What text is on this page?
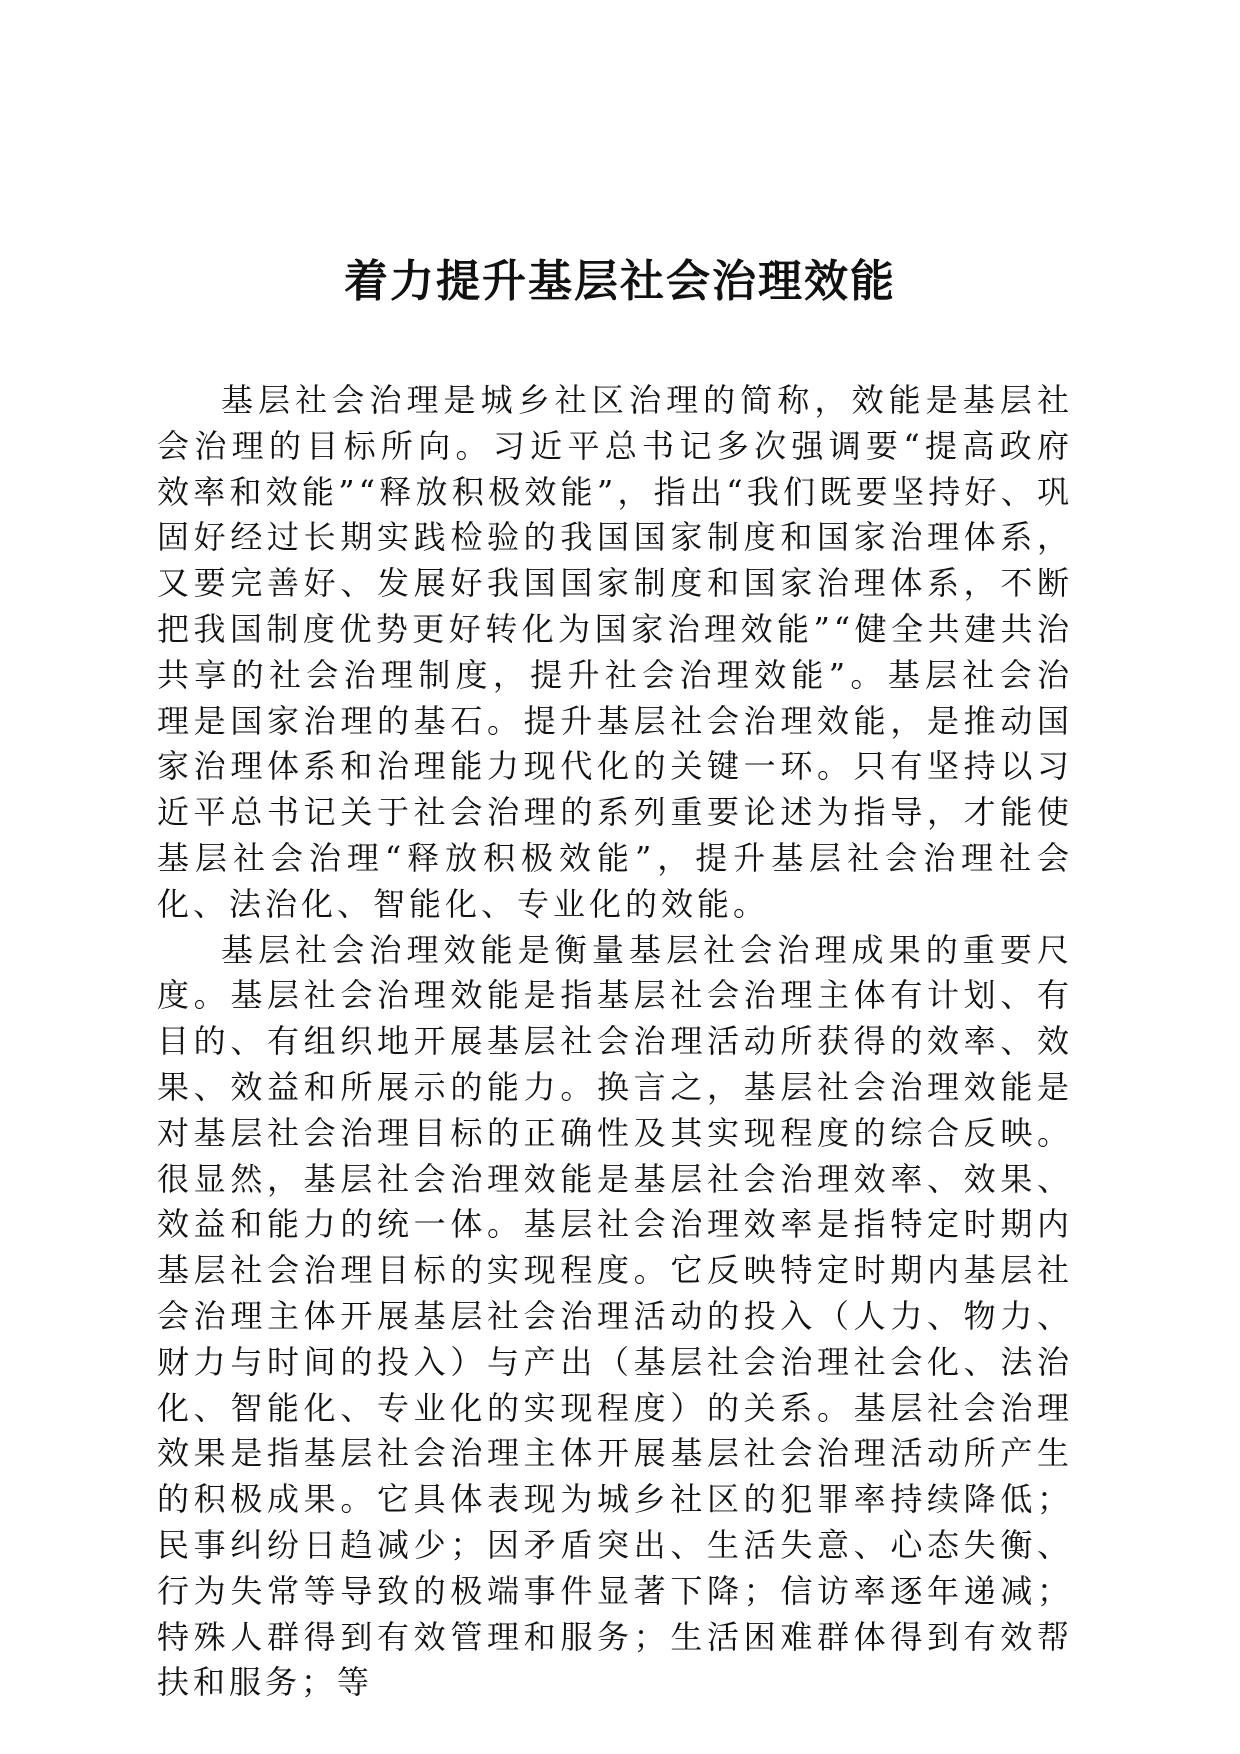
着力提升基层社会治理效能

基层社会治理是城乡社区治理的简称，效能是基层社会治理的目标所向。习近平总书记多次强调要“提高政府效率和效能”“释放积极效能”，指出“我们既要坚持好、巩固好经过长期实践检验的我国国家制度和国家治理体系，又要完善好、发展好我国国家制度和国家治理体系，不断把我国制度优势更好转化为国家治理效能”“健全共建共治共享的社会治理制度，提升社会治理效能”。基层社会治理是国家治理的基石。提升基层社会治理效能，是推动国家治理体系和治理能力现代化的关键一环。只有坚持以习近平总书记关于社会治理的系列重要论述为指导，才能使基层社会治理“释放积极效能”，提升基层社会治理社会化、法治化、智能化、专业化的效能。

基层社会治理效能是衡量基层社会治理成果的重要尺度。基层社会治理效能是指基层社会治理主体有计划、有目的、有组织地开展基层社会治理活动所获得的效率、效果、效益和所展示的能力。换言之，基层社会治理效能是对基层社会治理目标的正确性及其实现程度的综合反映。很显然，基层社会治理效能是基层社会治理效率、效果、效益和能力的统一体。基层社会治理效率是指特定时期内基层社会治理目标的实现程度。它反映特定时期内基层社会治理主体开展基层社会治理活动的投入（人力、物力、财力与时间的投入）与产出（基层社会治理社会化、法治化、智能化、专业化的实现程度）的关系。基层社会治理效果是指基层社会治理主体开展基层社会治理活动所产生的积极成果。它具体表现为城乡社区的犯罪率持续降低；民事纠纷日趋减少；因矛盾突出、生活失意、心态失衡、行为失常等导致的极端事件显著下降；信访率逐年递减；特殊人群得到有效管理和服务；生活困难群体得到有效帮扶和服务；等
